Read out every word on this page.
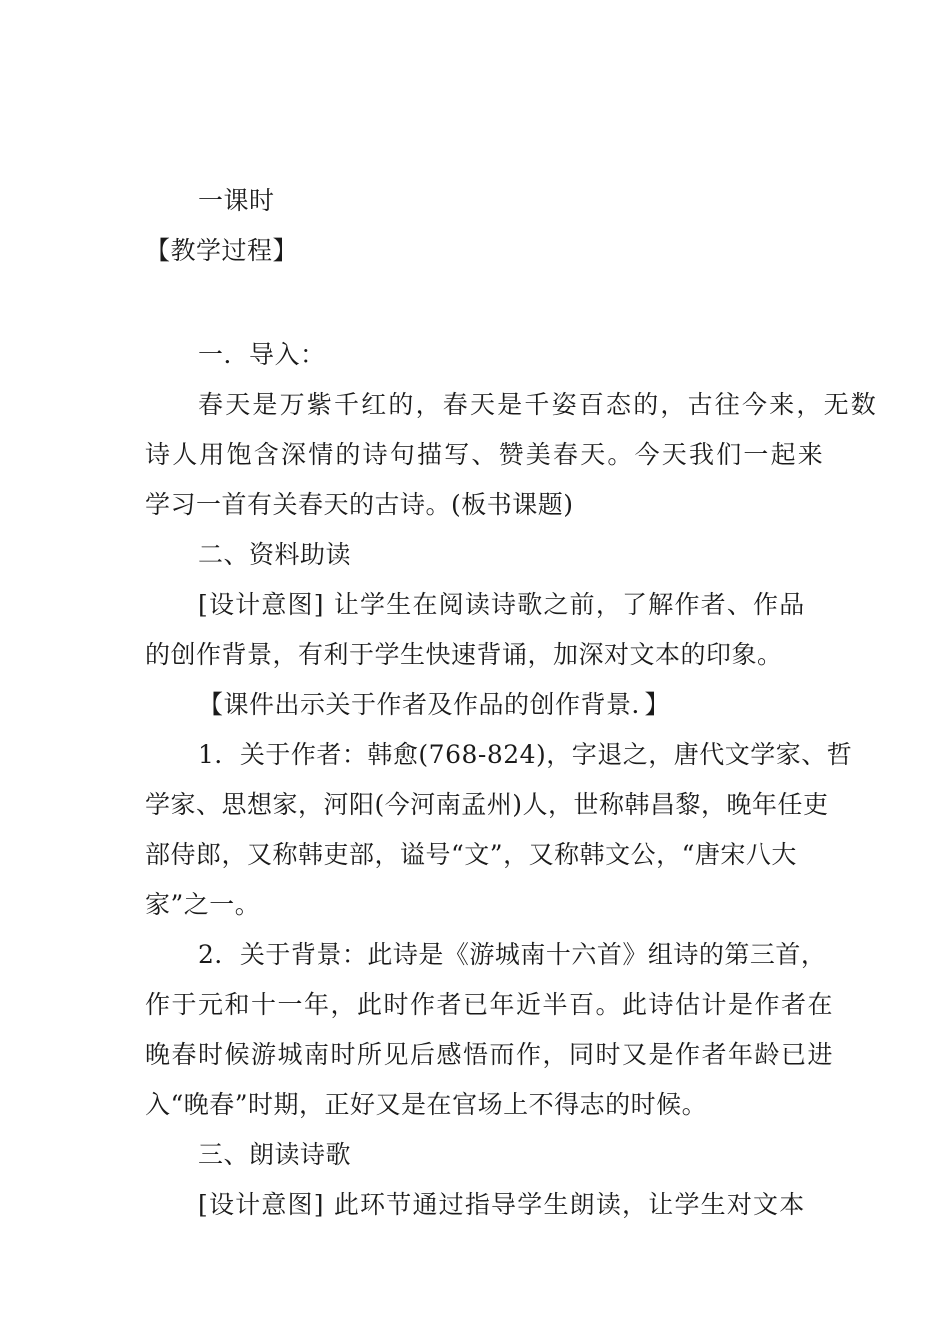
一课时
【教学过程】
一．导入：
春天是万紫千红的，春天是千姿百态的，古往今来，无数
诗人用饱含深情的诗句描写、赞美春天。今天我们一起来
学习一首有关春天的古诗。(板书课题)
二、资料助读
[设计意图] 让学生在阅读诗歌之前，了解作者、作品
的创作背景，有利于学生快速背诵，加深对文本的印象。
【课件出示关于作者及作品的创作背景．】
1．关于作者：韩愈(768-824)，字退之，唐代文学家、哲
学家、思想家，河阳(今河南孟州)人，世称韩昌黎，晚年任吏
部侍郎，又称韩吏部，谥号“文”，又称韩文公，“唐宋八大
家”之一。
2．关于背景：此诗是《游城南十六首》组诗的第三首，
作于元和十一年，此时作者已年近半百。此诗估计是作者在
晚春时候游城南时所见后感悟而作，同时又是作者年龄已进
入“晚春”时期，正好又是在官场上不得志的时候。
三、朗读诗歌
[设计意图] 此环节通过指导学生朗读，让学生对文本
